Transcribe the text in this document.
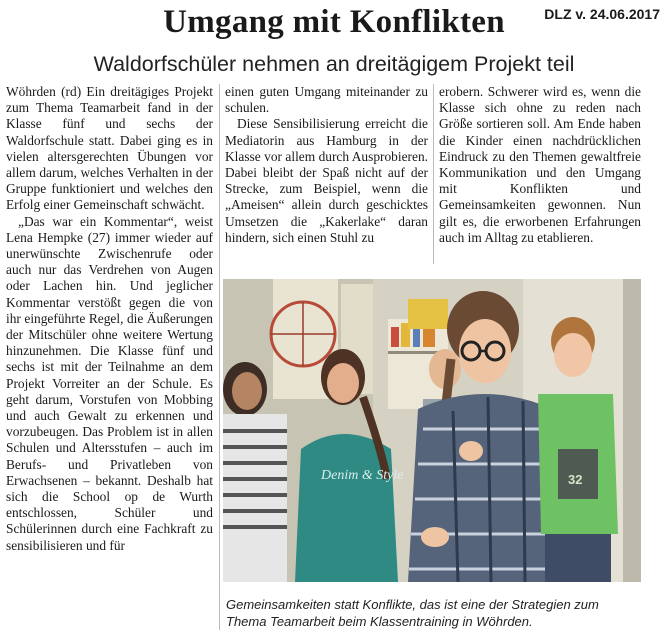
Umgang mit Konflikten	DLZ v. 24.06.2017
Waldorfschüler nehmen an dreitägigem Projekt teil

Wöhrden (rd) Ein dreitägiges Projekt zum Thema Teamarbeit fand in der Klasse fünf und sechs der Waldorfschule statt. Dabei ging es in vielen altersgerechten Übungen vor allem darum, welches Verhalten in der Gruppe funktioniert und welches den Erfolg einer Gemeinschaft schwächt.

„Das war ein Kommentar“, weist Lena Hempke (27) immer wieder auf unerwünschte Zwischenrufe oder auch nur das Verdrehen von Augen oder Lachen hin. Und jeglicher Kommentar verstößt gegen die von ihr eingeführte Regel, die Äußerungen der Mitschüler ohne weitere Wertung hinzunehmen. Die Klasse fünf und sechs ist mit der Teilnahme an dem Projekt Vorreiter an der Schule. Es geht darum, Vorstufen von Mobbing und auch Gewalt zu erkennen und vorzubeugen. Das Problem ist in allen Schulen und Altersstufen – auch im Berufs- und Privatleben von Erwachsenen – bekannt. Deshalb hat sich die School op de Wurth entschlossen, Schüler und Schülerinnen durch eine Fachkraft zu sensibilisieren und für

einen guten Umgang miteinander zu schulen.

Diese Sensibilisierung erreicht die Mediatorin aus Hamburg in der Klasse vor allem durch Ausprobieren. Dabei bleibt der Spaß nicht auf der Strecke, zum Beispiel, wenn die „Ameisen“ allein durch geschicktes Umsetzen die „Kakerlake“ daran hindern, sich einen Stuhl zu

erobern. Schwerer wird es, wenn die Klasse sich ohne zu reden nach Größe sortieren soll. Am Ende haben die Kinder einen nachdrücklichen Eindruck zu den Themen gewaltfreie Kommunikation und den Umgang mit Konflikten und Gemeinsamkeiten gewonnen. Nun gilt es, die erworbenen Erfahrungen auch im Alltag zu etablieren.

Denim & Style	32
Gemeinsamkeiten statt Konflikte, das ist eine der Strategien zum Thema Teamarbeit beim Klassentraining in Wöhrden.
